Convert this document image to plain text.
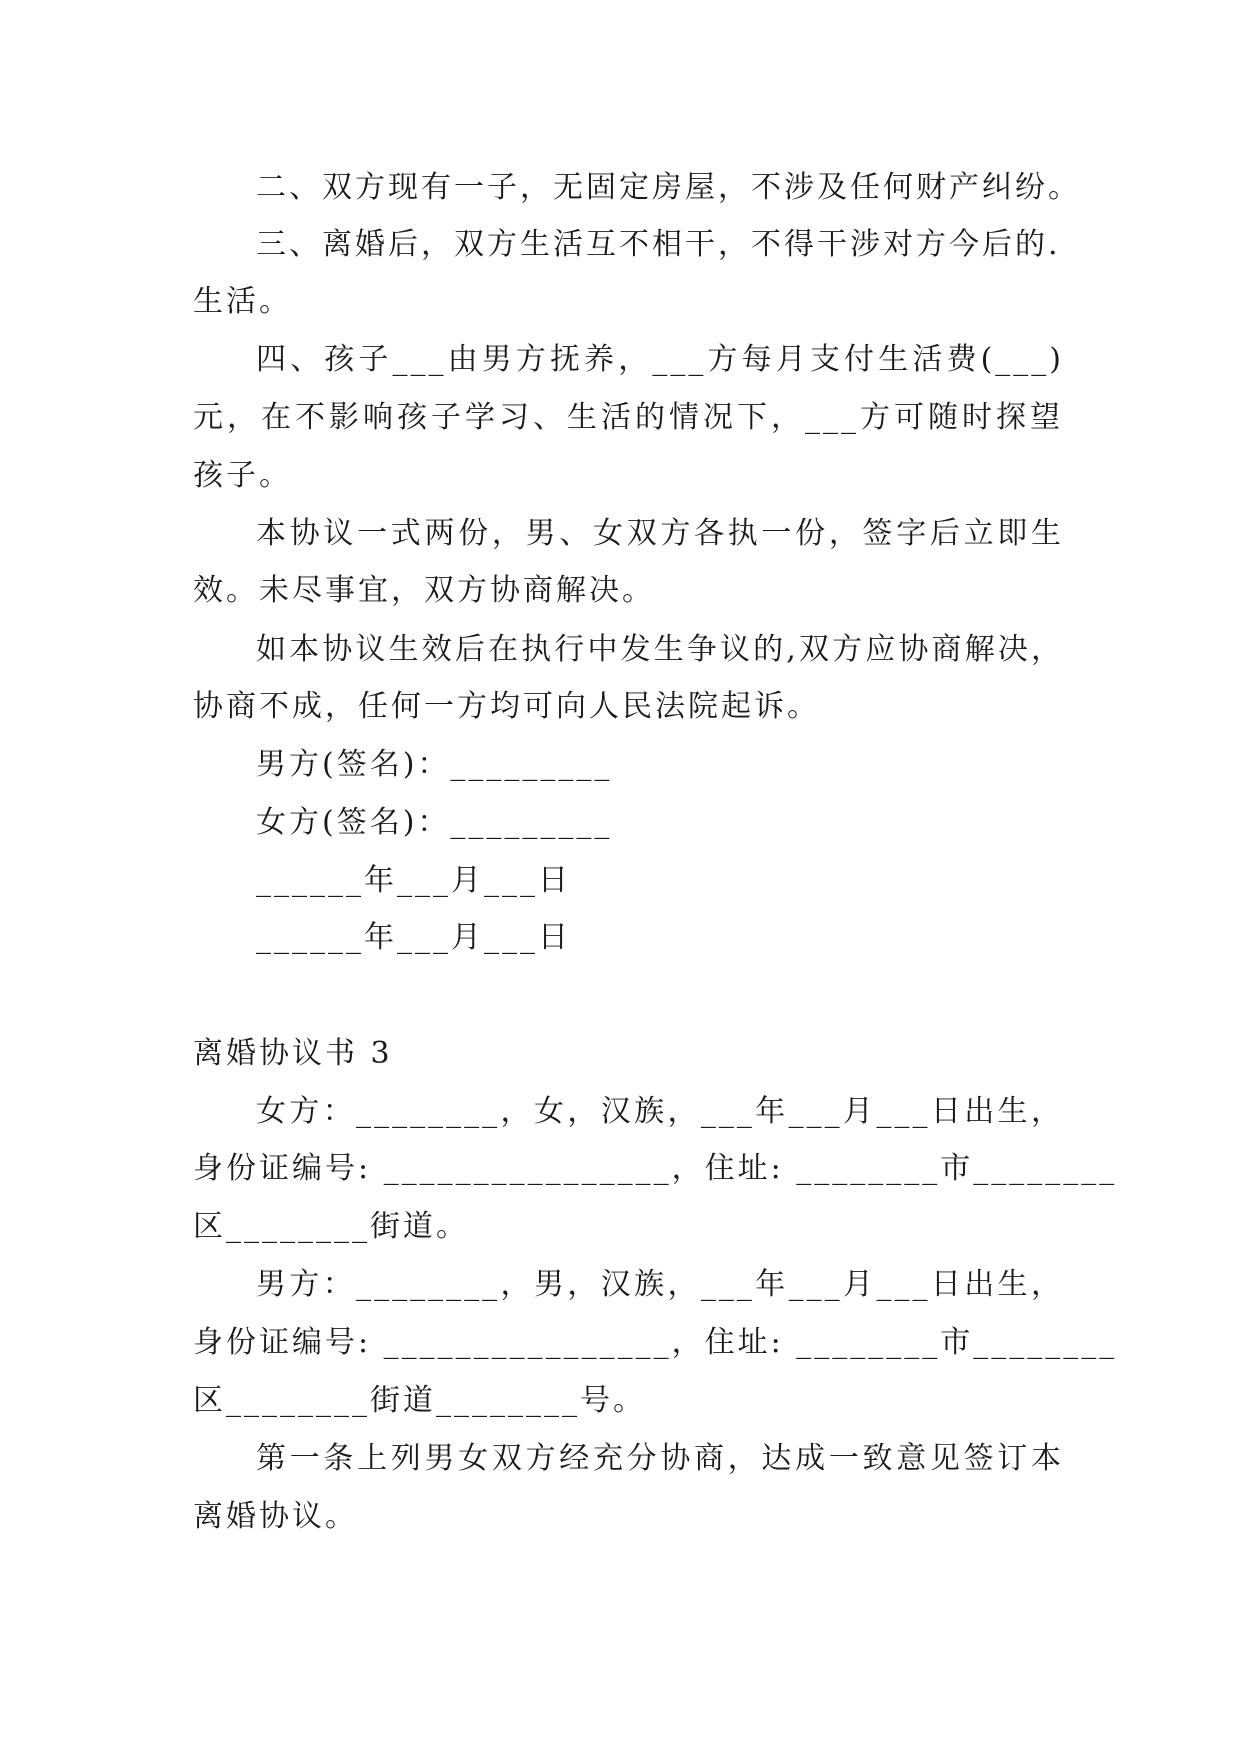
二、双方现有一子，无固定房屋，不涉及任何财产纠纷。
三、离婚后，双方生活互不相干，不得干涉对方今后的.
生活。
四、孩子___由男方抚养，___方每月支付生活费(___)
元，在不影响孩子学习、生活的情况下，___方可随时探望
孩子。
本协议一式两份，男、女双方各执一份，签字后立即生
效。未尽事宜，双方协商解决。
如本协议生效后在执行中发生争议的,双方应协商解决，
协商不成，任何一方均可向人民法院起诉。
男方(签名)：_________
女方(签名)：_________
______年___月___日
______年___月___日
离婚协议书 3
女方：________，女，汉族，___年___月___日出生，
身份证编号: ________________，住址: ________市________
区________街道。
男方：________，男，汉族，___年___月___日出生，
身份证编号: ________________，住址: ________市________
区________街道________号。
第一条上列男女双方经充分协商，达成一致意见签订本
离婚协议。
